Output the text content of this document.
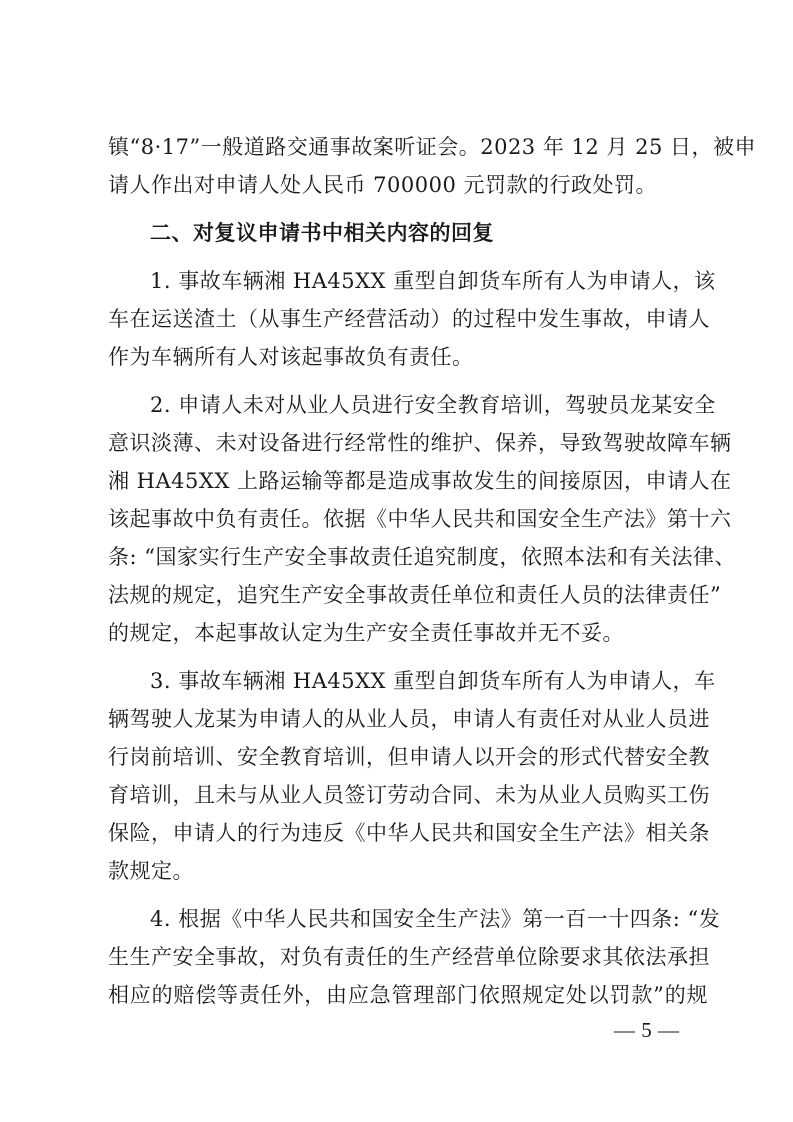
镇“8·17”一般道路交通事故案听证会。2023 年 12 月 25 日，被申
请人作出对申请人处人民币 700000 元罚款的行政处罚。
二、对复议申请书中相关内容的回复
1. 事故车辆湘 HA45XX 重型自卸货车所有人为申请人，该
车在运送渣土（从事生产经营活动）的过程中发生事故，申请人
作为车辆所有人对该起事故负有责任。
2. 申请人未对从业人员进行安全教育培训，驾驶员龙某安全
意识淡薄、未对设备进行经常性的维护、保养，导致驾驶故障车辆
湘 HA45XX 上路运输等都是造成事故发生的间接原因，申请人在
该起事故中负有责任。依据《中华人民共和国安全生产法》第十六
条: “国家实行生产安全事故责任追究制度，依照本法和有关法律、
法规的规定，追究生产安全事故责任单位和责任人员的法律责任”
的规定，本起事故认定为生产安全责任事故并无不妥。
3. 事故车辆湘 HA45XX 重型自卸货车所有人为申请人，车
辆驾驶人龙某为申请人的从业人员，申请人有责任对从业人员进
行岗前培训、安全教育培训，但申请人以开会的形式代替安全教
育培训，且未与从业人员签订劳动合同、未为从业人员购买工伤
保险，申请人的行为违反《中华人民共和国安全生产法》相关条
款规定。
4. 根据《中华人民共和国安全生产法》第一百一十四条: “发
生生产安全事故，对负有责任的生产经营单位除要求其依法承担
相应的赔偿等责任外，由应急管理部门依照规定处以罚款”的规
— 5 —
